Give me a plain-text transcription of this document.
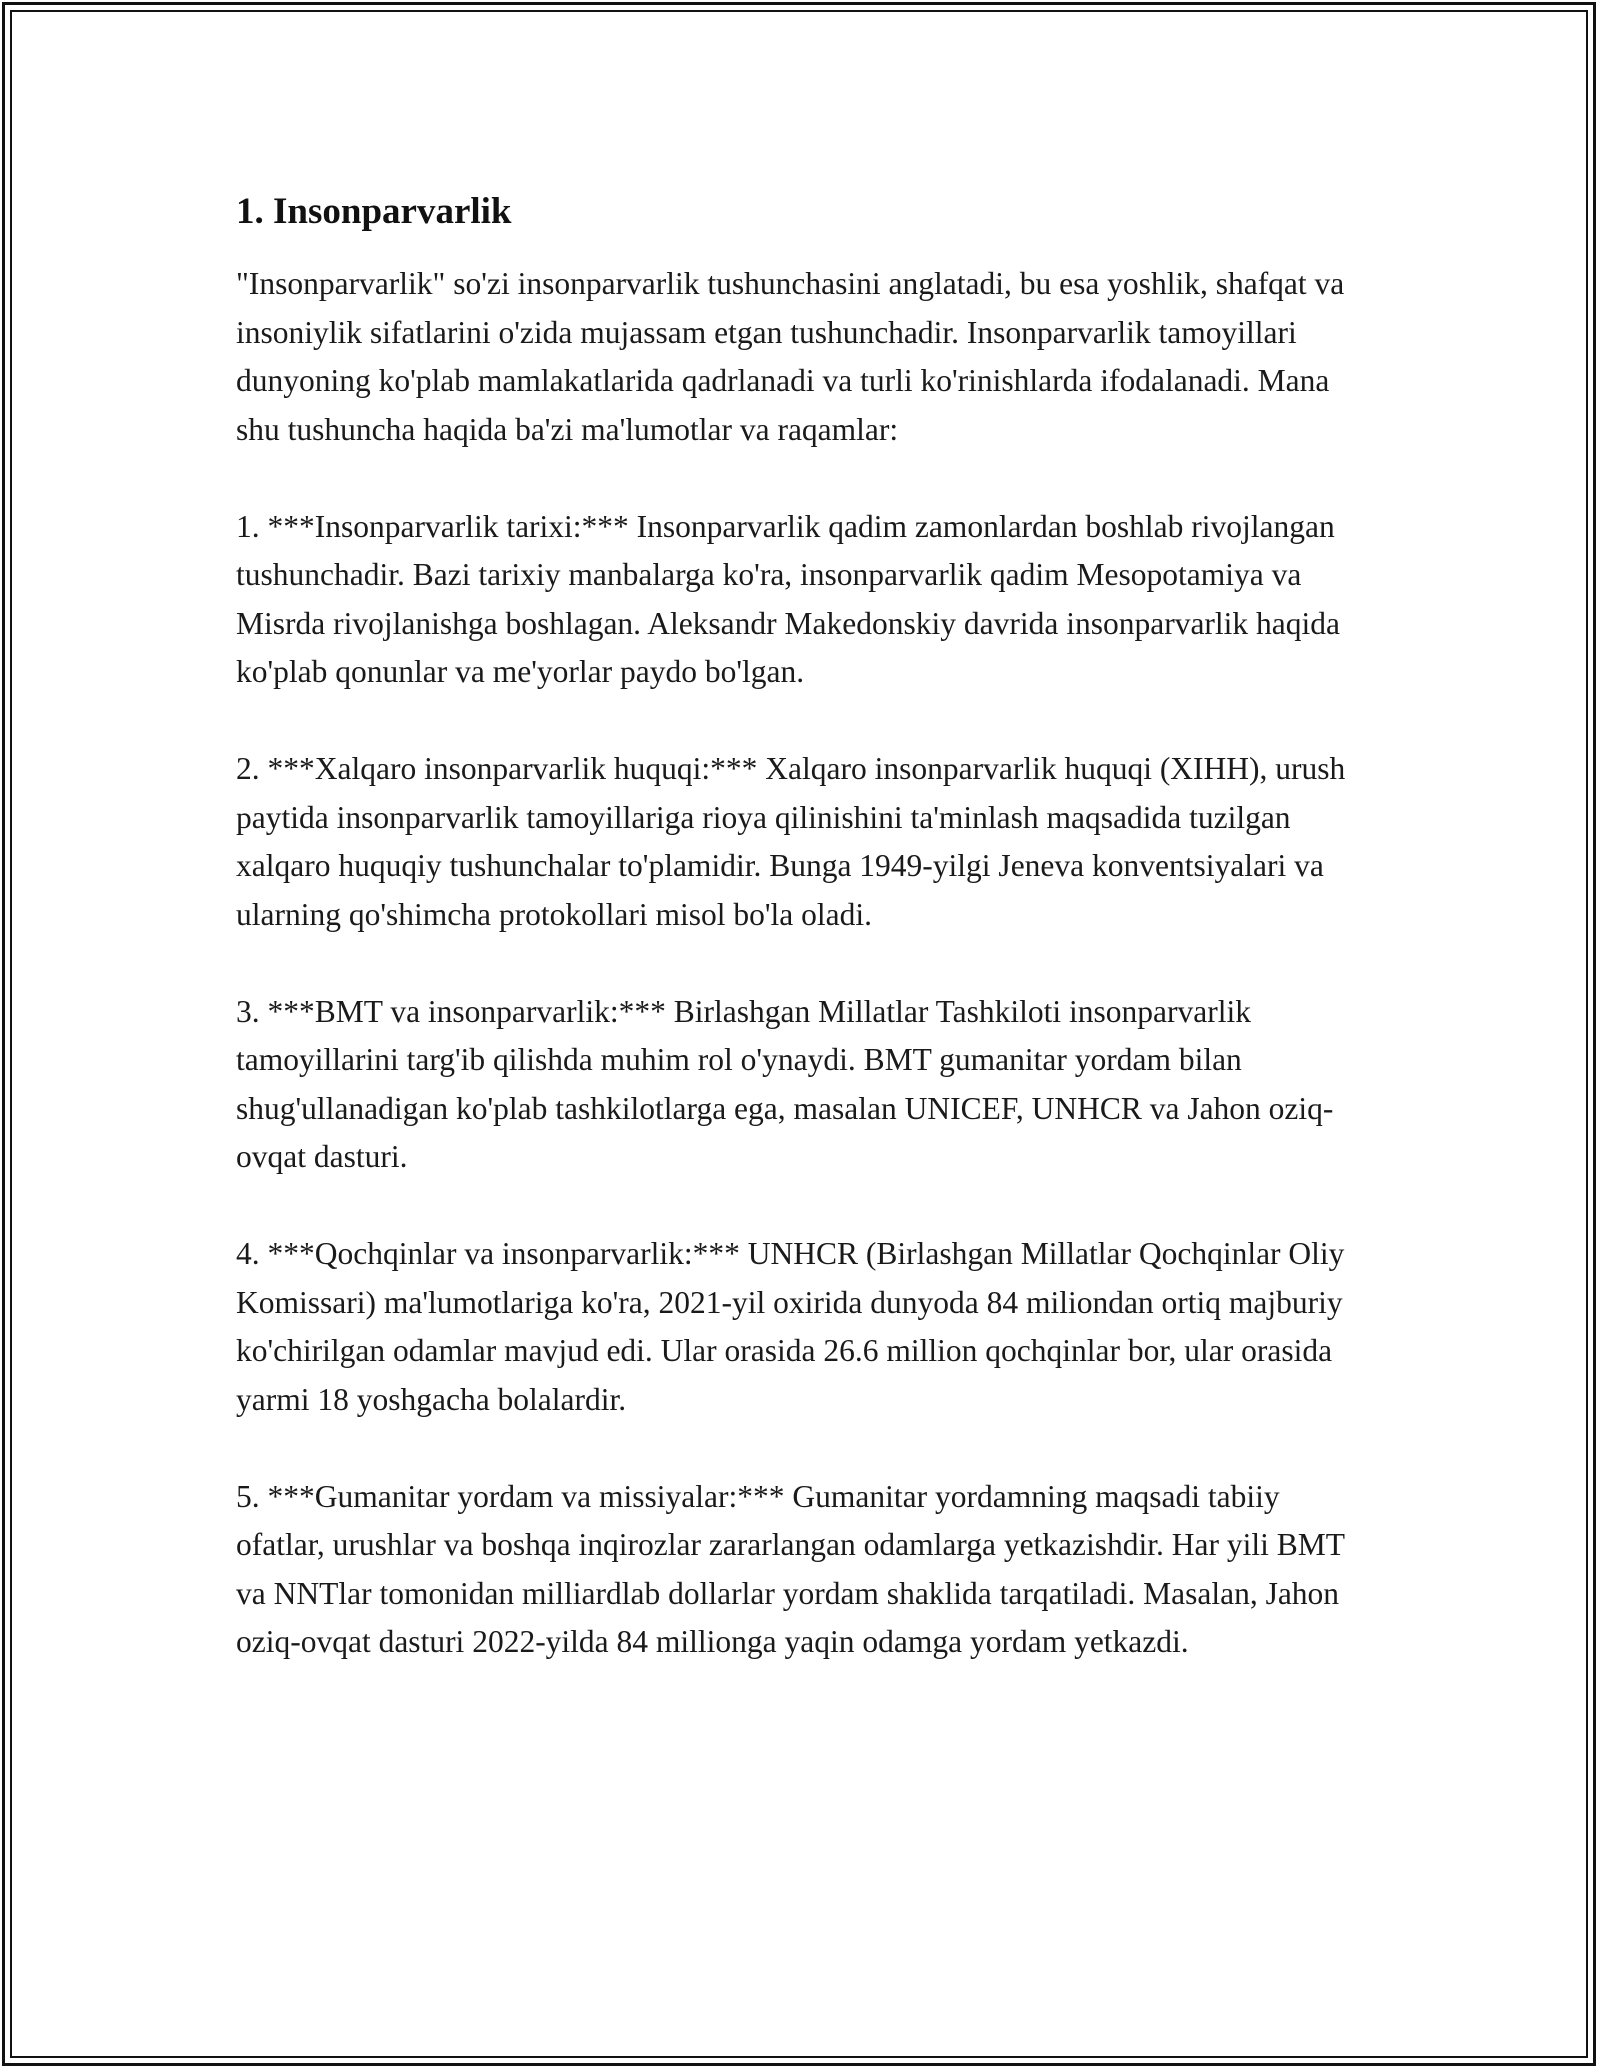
1. Insonparvarlik

"Insonparvarlik" so'zi insonparvarlik tushunchasini anglatadi, bu esa yoshlik, shafqat va insoniylik sifatlarini o'zida mujassam etgan tushunchadir. Insonparvarlik tamoyillari dunyoning ko'plab mamlakatlarida qadrlanadi va turli ko'rinishlarda ifodalanadi. Mana shu tushuncha haqida ba'zi ma'lumotlar va raqamlar:

1. ***Insonparvarlik tarixi:*** Insonparvarlik qadim zamonlardan boshlab rivojlangan tushunchadir. Bazi tarixiy manbalarga ko'ra, insonparvarlik qadim Mesopotamiya va Misrda rivojlanishga boshlagan. Aleksandr Makedonskiy davrida insonparvarlik haqida ko'plab qonunlar va me'yorlar paydo bo'lgan.

2. ***Xalqaro insonparvarlik huquqi:*** Xalqaro insonparvarlik huquqi (XIHH), urush paytida insonparvarlik tamoyillariga rioya qilinishini ta'minlash maqsadida tuzilgan xalqaro huquqiy tushunchalar to'plamidir. Bunga 1949-yilgi Jeneva konventsiyalari va ularning qo'shimcha protokollari misol bo'la oladi.

3. ***BMT va insonparvarlik:*** Birlashgan Millatlar Tashkiloti insonparvarlik tamoyillarini targ'ib qilishda muhim rol o'ynaydi. BMT gumanitar yordam bilan shug'ullanadigan ko'plab tashkilotlarga ega, masalan UNICEF, UNHCR va Jahon oziq-ovqat dasturi.

4. ***Qochqinlar va insonparvarlik:*** UNHCR (Birlashgan Millatlar Qochqinlar Oliy Komissari) ma'lumotlariga ko'ra, 2021-yil oxirida dunyoda 84 miliondan ortiq majburiy ko'chirilgan odamlar mavjud edi. Ular orasida 26.6 million qochqinlar bor, ular orasida yarmi 18 yoshgacha bolalardir.

5. ***Gumanitar yordam va missiyalar:*** Gumanitar yordamning maqsadi tabiiy ofatlar, urushlar va boshqa inqirozlar zararlangan odamlarga yetkazishdir. Har yili BMT va NNTlar tomonidan milliardlab dollarlar yordam shaklida tarqatiladi. Masalan, Jahon oziq-ovqat dasturi 2022-yilda 84 millionga yaqin odamga yordam yetkazdi.
